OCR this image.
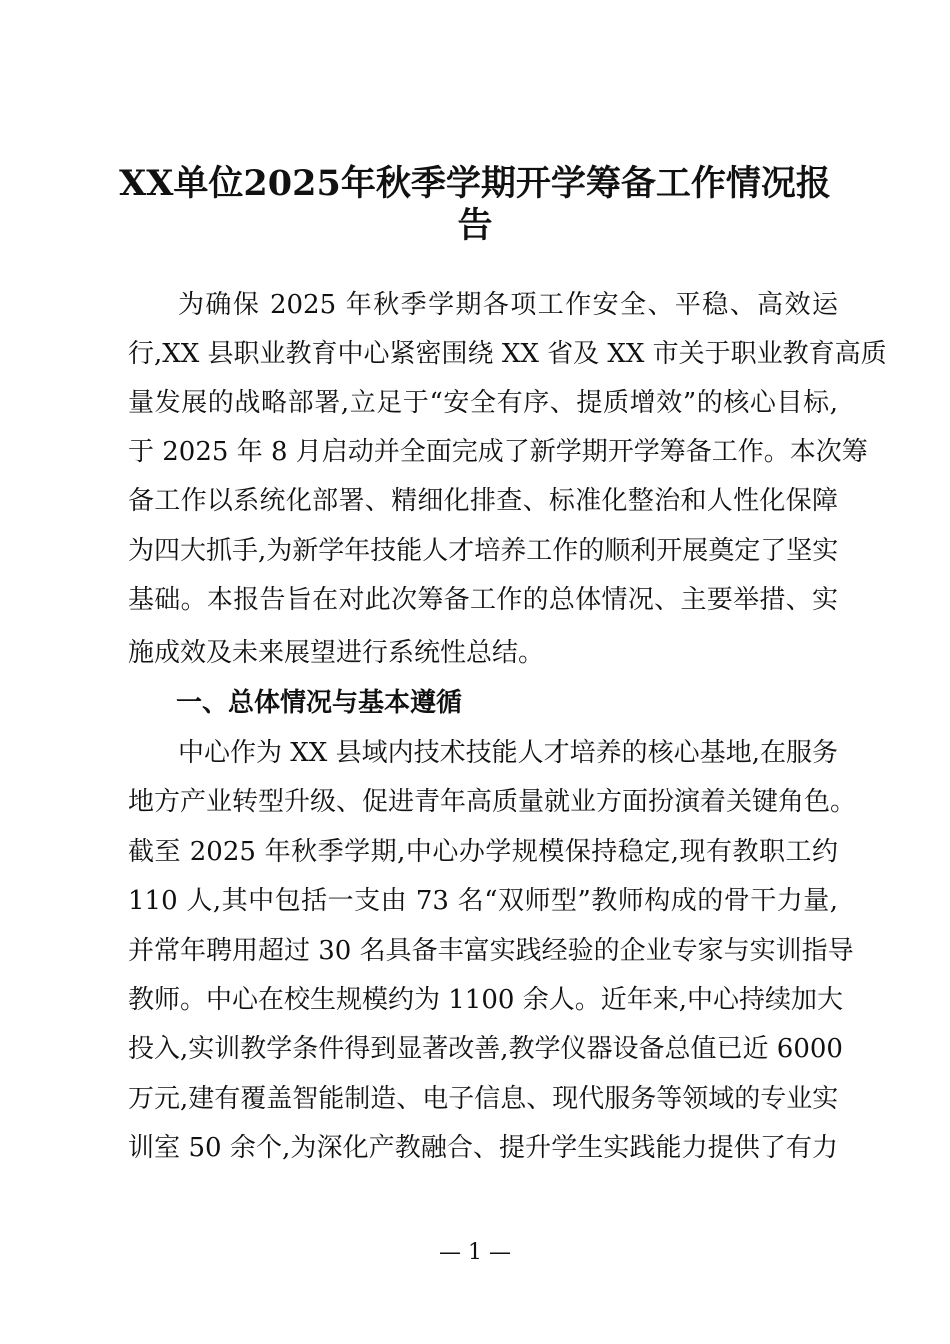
XX单位2025年秋季学期开学筹备工作情况报
告
为确保 2025 年秋季学期各项工作安全、平稳、高效运
行,XX 县职业教育中心紧密围绕 XX 省及 XX 市关于职业教育高质
量发展的战略部署,立足于“安全有序、提质增效”的核心目标,
于 2025 年 8 月启动并全面完成了新学期开学筹备工作。本次筹
备工作以系统化部署、精细化排查、标准化整治和人性化保障
为四大抓手,为新学年技能人才培养工作的顺利开展奠定了坚实
基础。本报告旨在对此次筹备工作的总体情况、主要举措、实
施成效及未来展望进行系统性总结。
一、总体情况与基本遵循
中心作为 XX 县域内技术技能人才培养的核心基地,在服务
地方产业转型升级、促进青年高质量就业方面扮演着关键角色。
截至 2025 年秋季学期,中心办学规模保持稳定,现有教职工约
110 人,其中包括一支由 73 名“双师型”教师构成的骨干力量,
并常年聘用超过 30 名具备丰富实践经验的企业专家与实训指导
教师。中心在校生规模约为 1100 余人。近年来,中心持续加大
投入,实训教学条件得到显著改善,教学仪器设备总值已近 6000
万元,建有覆盖智能制造、电子信息、现代服务等领域的专业实
训室 50 余个,为深化产教融合、提升学生实践能力提供了有力
— 1 —
